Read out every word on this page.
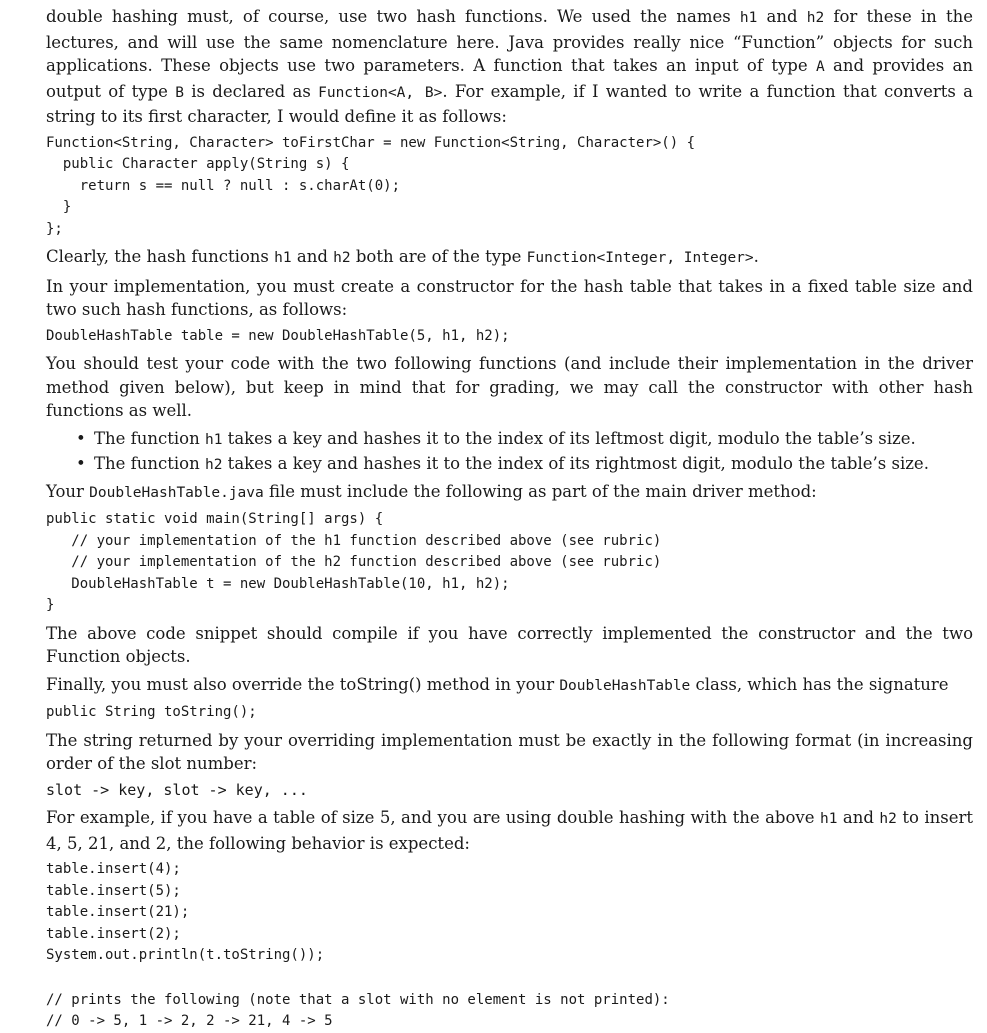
double hashing must, of course, use two hash functions. We used the names h1 and h2 for these in the lectures, and will use the same nomenclature here. Java provides really nice “Function” objects for such applications. These objects use two parameters. A function that takes an input of type A and provides an output of type B is declared as Function<A, B>. For example, if I wanted to write a function that converts a string to its first character, I would define it as follows:

Function<String, Character> toFirstChar = new Function<String, Character>() {
public Character apply(String s) {
return s == null ? null : s.charAt(0);
}
};

Clearly, the hash functions h1 and h2 both are of the type Function<Integer, Integer>.

In your implementation, you must create a constructor for the hash table that takes in a fixed table size and two such hash functions, as follows:

DoubleHashTable table = new DoubleHashTable(5, h1, h2);

You should test your code with the two following functions (and include their implementation in the driver method given below), but keep in mind that for grading, we may call the constructor with other hash functions as well.

• The function h1 takes a key and hashes it to the index of its leftmost digit, modulo the table’s size.
• The function h2 takes a key and hashes it to the index of its rightmost digit, modulo the table’s size.

Your DoubleHashTable.java file must include the following as part of the main driver method:

public static void main(String[] args) {
// your implementation of the h1 function described above (see rubric)
// your implementation of the h2 function described above (see rubric)
DoubleHashTable t = new DoubleHashTable(10, h1, h2);
}

The above code snippet should compile if you have correctly implemented the constructor and the two Function objects.

Finally, you must also override the toString() method in your DoubleHashTable class, which has the signature

public String toString();

The string returned by your overriding implementation must be exactly in the following format (in increasing order of the slot number:

slot -> key, slot -> key, ...

For example, if you have a table of size 5, and you are using double hashing with the above h1 and h2 to insert 4, 5, 21, and 2, the following behavior is expected:

table.insert(4);
table.insert(5);
table.insert(21);
table.insert(2);
System.out.println(t.toString());
// prints the following (note that a slot with no element is not printed):
// 0 -> 5, 1 -> 2, 2 -> 21, 4 -> 5
